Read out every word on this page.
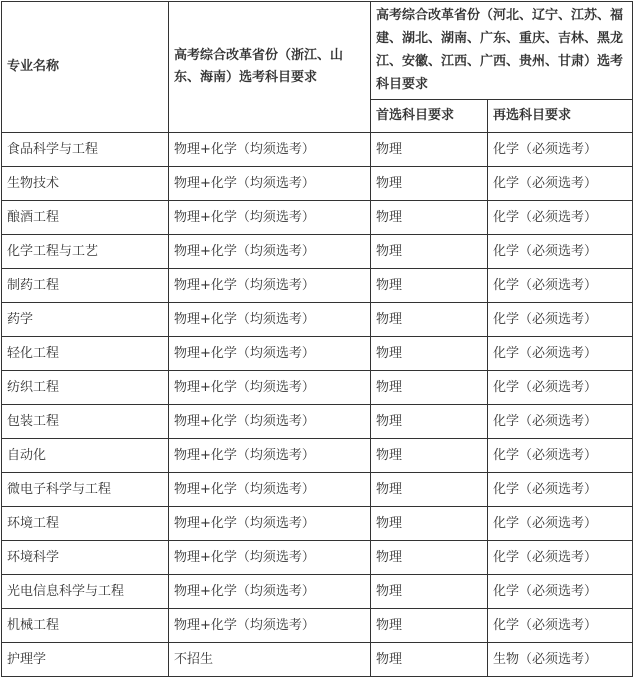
专业名称	高考综合改革省份（浙江、山东、海南）选考科目要求	高考综合改革省份（河北、辽宁、江苏、福建、湖北、湖南、广东、重庆、吉林、黑龙江、安徽、江西、广西、贵州、甘肃）选考科目要求	
		首选科目要求	再选科目要求
食品科学与工程	物理+化学（均须选考）	物理	化学（必须选考）
生物技术	物理+化学（均须选考）	物理	化学（必须选考）
酿酒工程	物理+化学（均须选考）	物理	化学（必须选考）
化学工程与工艺	物理+化学（均须选考）	物理	化学（必须选考）
制药工程	物理+化学（均须选考）	物理	化学（必须选考）
药学	物理+化学（均须选考）	物理	化学（必须选考）
轻化工程	物理+化学（均须选考）	物理	化学（必须选考）
纺织工程	物理+化学（均须选考）	物理	化学（必须选考）
包装工程	物理+化学（均须选考）	物理	化学（必须选考）
自动化	物理+化学（均须选考）	物理	化学（必须选考）
微电子科学与工程	物理+化学（均须选考）	物理	化学（必须选考）
环境工程	物理+化学（均须选考）	物理	化学（必须选考）
环境科学	物理+化学（均须选考）	物理	化学（必须选考）
光电信息科学与工程	物理+化学（均须选考）	物理	化学（必须选考）
机械工程	物理+化学（均须选考）	物理	化学（必须选考）
护理学	不招生	物理	生物（必须选考）
